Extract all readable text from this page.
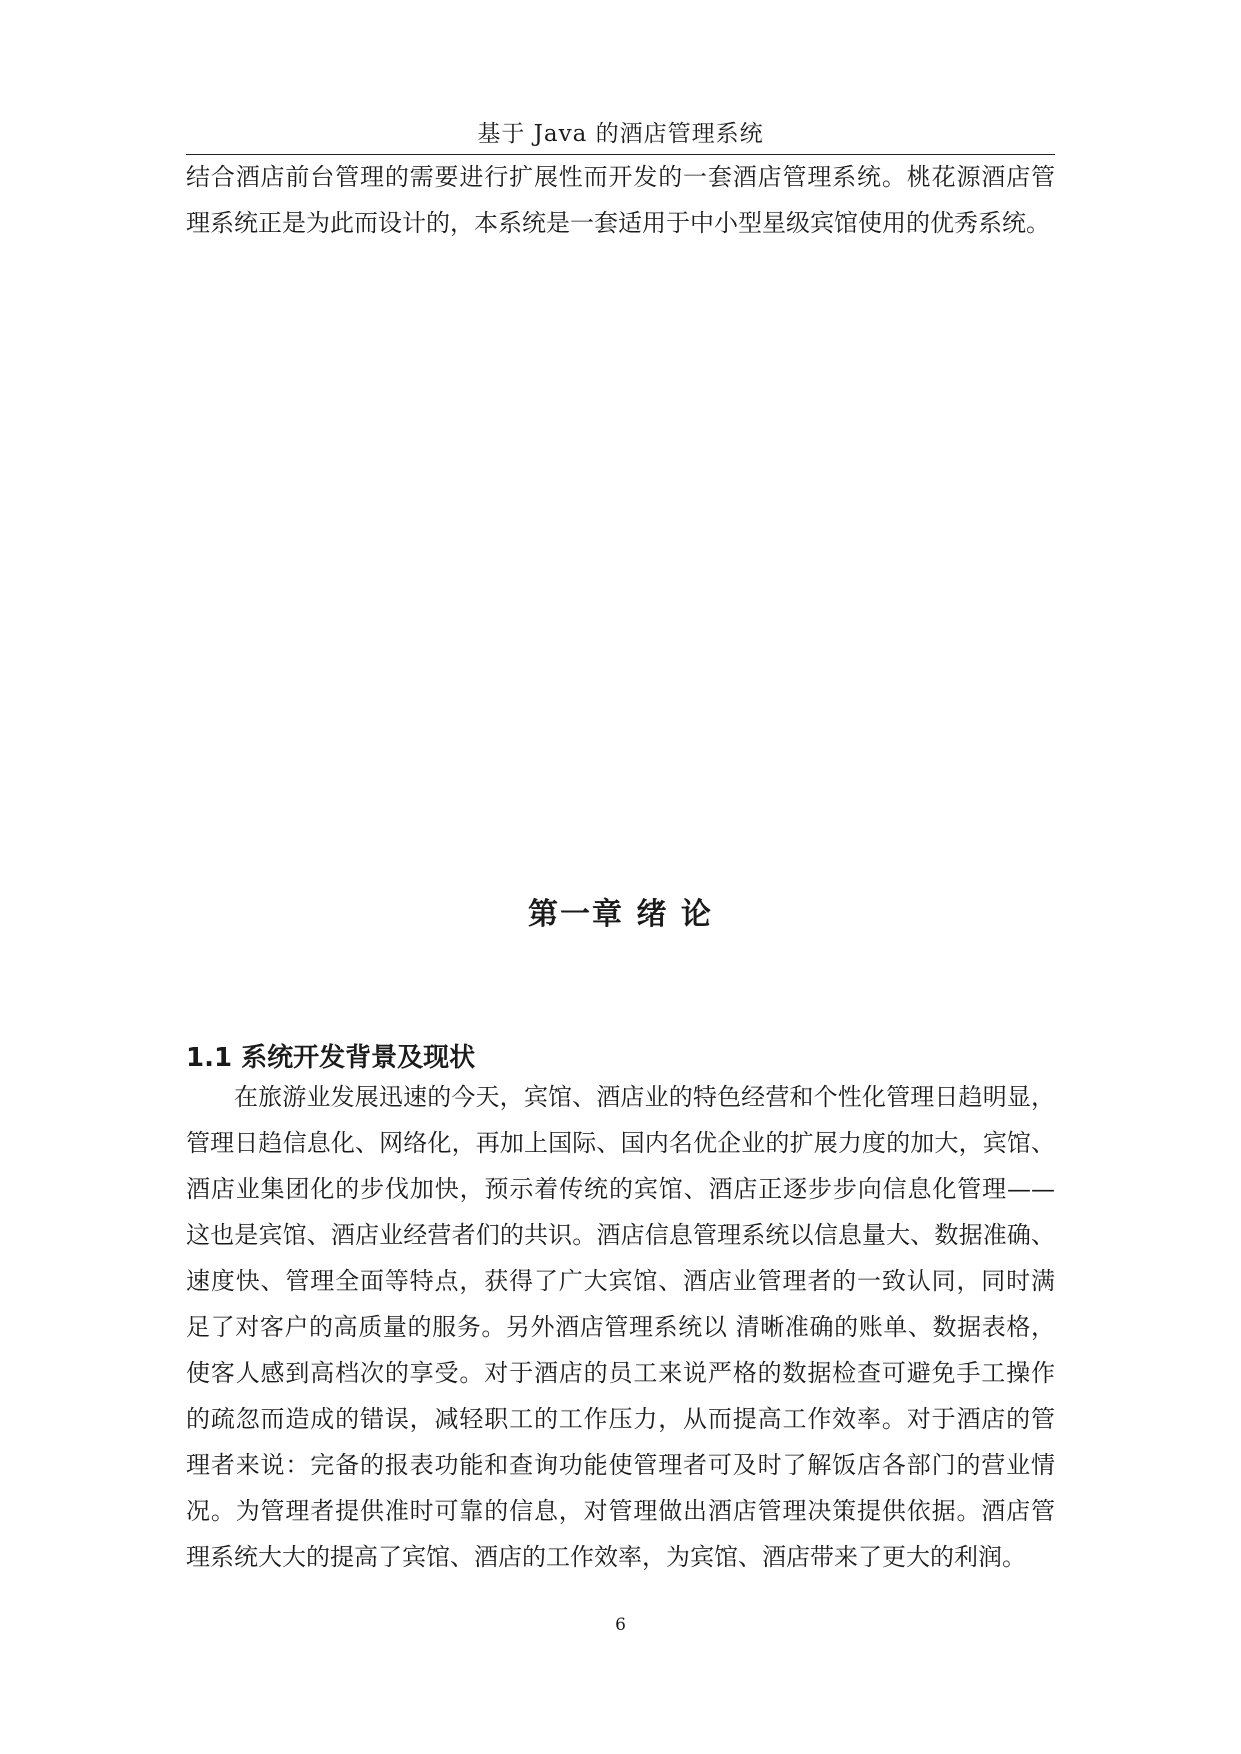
基于 Java 的酒店管理系统
结合酒店前台管理的需要进行扩展性而开发的一套酒店管理系统。桃花源酒店管
理系统正是为此而设计的，本系统是一套适用于中小型星级宾馆使用的优秀系统。
第一章 绪 论
1.1 系统开发背景及现状
在旅游业发展迅速的今天，宾馆、酒店业的特色经营和个性化管理日趋明显，
管理日趋信息化、网络化，再加上国际、国内名优企业的扩展力度的加大，宾馆、
酒店业集团化的步伐加快，预示着传统的宾馆、酒店正逐步步向信息化管理——
这也是宾馆、酒店业经营者们的共识。酒店信息管理系统以信息量大、数据准确、
速度快、管理全面等特点，获得了广大宾馆、酒店业管理者的一致认同，同时满
足了对客户的高质量的服务。另外酒店管理系统以 清晰准确的账单、数据表格，
使客人感到高档次的享受。对于酒店的员工来说严格的数据检查可避免手工操作
的疏忽而造成的错误，减轻职工的工作压力，从而提高工作效率。对于酒店的管
理者来说：完备的报表功能和查询功能使管理者可及时了解饭店各部门的营业情
况。为管理者提供准时可靠的信息，对管理做出酒店管理决策提供依据。酒店管
理系统大大的提高了宾馆、酒店的工作效率，为宾馆、酒店带来了更大的利润。
6
